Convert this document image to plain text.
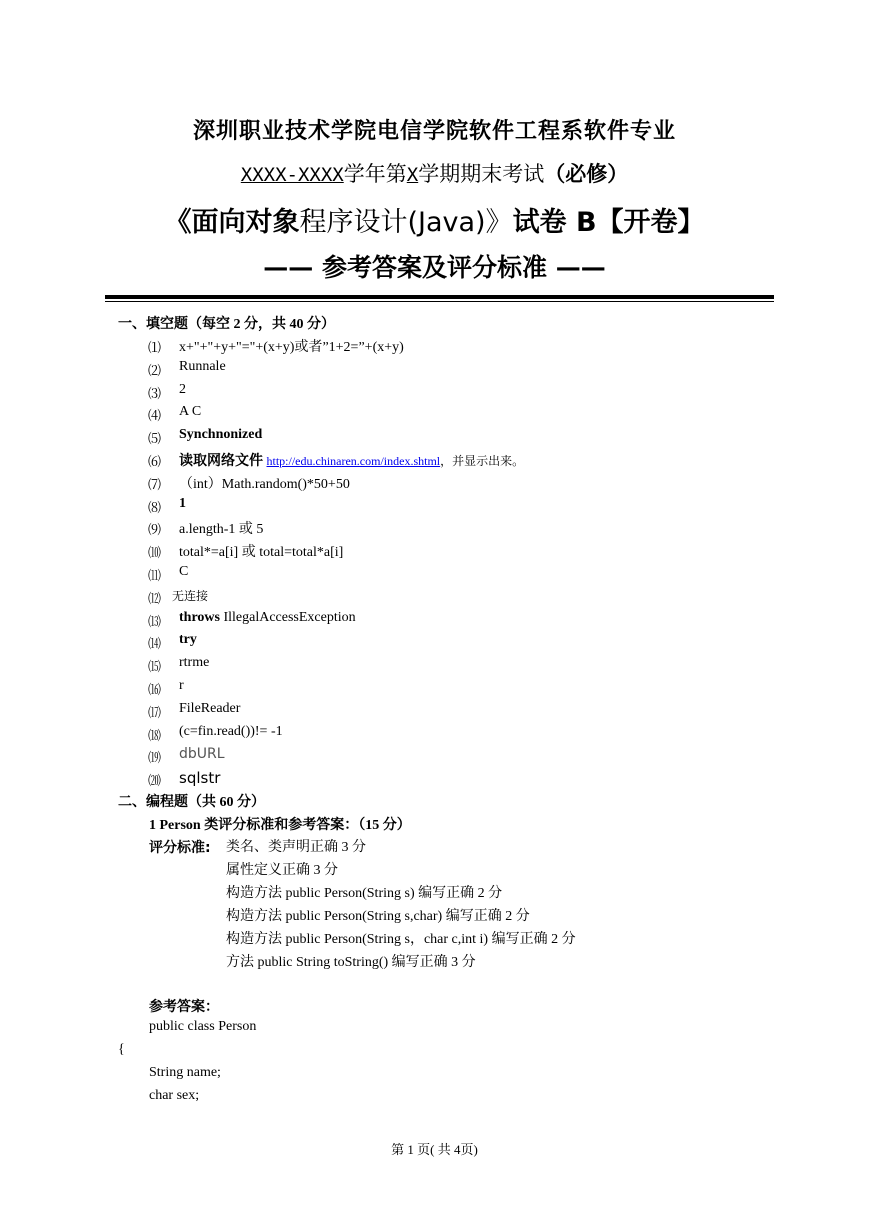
深圳职业技术学院电信学院软件工程系软件专业
XXXX-XXXX学年第X学期期末考试（必修）
《面向对象程序设计(Java)》试卷 B【开卷】
—— 参考答案及评分标准 ——
一、填空题（每空 2 分，共 40 分）
⑴ x+"+"+y+"="+(x+y)或者”1+2=”+(x+y)
⑵ Runnale
⑶ 2
⑷ A C
⑸ Synchnonized
⑹ 读取网络文件 http://edu.chinaren.com/index.shtml，并显示出来。
⑺ （int）Math.random()*50+50
⑻ 1
⑼ a.length-1 或 5
⑽ total*=a[i] 或 total=total*a[i]
⑾ C
⑿ 无连接
⒀ throws IllegalAccessException
⒁ try
⒂ rtrme
⒃ r
⒄ FileReader
⒅ (c=fin.read())!= -1
⒆ dbURL
⒇ sqlstr
二、编程题（共 60 分）
1 Person 类评分标准和参考答案：（15 分）
评分标准: 类名、类声明正确 3 分
属性定义正确 3 分
构造方法 public Person(String s) 编写正确 2 分
构造方法 public Person(String s,char) 编写正确 2 分
构造方法 public Person(String s，char c,int i) 编写正确 2 分
方法 public String toString() 编写正确 3 分
参考答案：
public class Person
{
String name;
char sex;
第 1 页( 共 4页)
